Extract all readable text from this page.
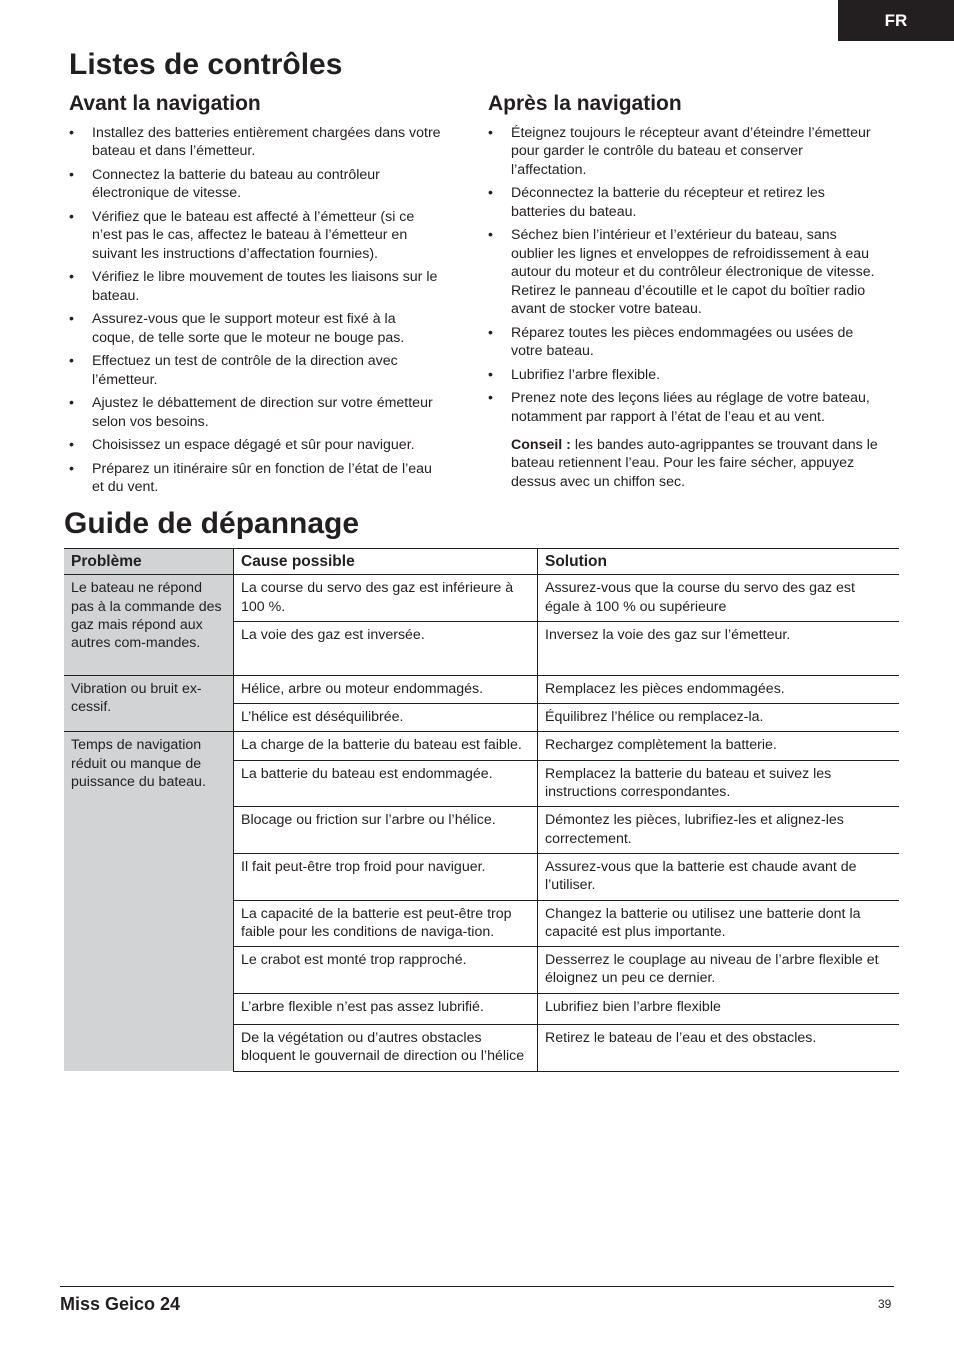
FR
Listes de contrôles
Avant la navigation
• Installez des batteries entièrement chargées dans votre bateau et dans l’émetteur.
• Connectez la batterie du bateau au contrôleur électronique de vitesse.
• Vérifiez que le bateau est affecté à l’émetteur (si ce n’est pas le cas, affectez le bateau à l’émetteur en suivant les instructions d’affectation fournies).
• Vérifiez le libre mouvement de toutes les liaisons sur le bateau.
• Assurez-vous que le support moteur est fixé à la coque, de telle sorte que le moteur ne bouge pas.
• Effectuez un test de contrôle de la direction avec l’émetteur.
• Ajustez le débattement de direction sur votre émetteur selon vos besoins.
• Choisissez un espace dégagé et sûr pour naviguer.
• Préparez un itinéraire sûr en fonction de l’état de l’eau et du vent.
Après la navigation
• Éteignez toujours le récepteur avant d’éteindre l’émetteur pour garder le contrôle du bateau et conserver l’affectation.
• Déconnectez la batterie du récepteur et retirez les batteries du bateau.
• Séchez bien l’intérieur et l’extérieur du bateau, sans oublier les lignes et enveloppes de refroidissement à eau autour du moteur et du contrôleur électronique de vitesse. Retirez le panneau d’écoutille et le capot du boîtier radio avant de stocker votre bateau.
• Réparez toutes les pièces endommagées ou usées de votre bateau.
• Lubrifiez l’arbre flexible.
• Prenez note des leçons liées au réglage de votre bateau, notamment par rapport à l’état de l’eau et au vent.

Conseil : les bandes auto-agrippantes se trouvant dans le bateau retiennent l’eau. Pour les faire sécher, appuyez dessus avec un chiffon sec.

Guide de dépannage
Problème	Cause possible	Solution
Le bateau ne répond pas à la commande des gaz mais répond aux autres com-mandes.	La course du servo des gaz est inférieure à 100 %.	Assurez-vous que la course du servo des gaz est égale à 100 % ou supérieure
	La voie des gaz est inversée.	Inversez la voie des gaz sur l’émetteur.
Vibration ou bruit ex-cessif.	Hélice, arbre ou moteur endommagés.	Remplacez les pièces endommagées.
	L’hélice est déséquilibrée.	Équilibrez l’hélice ou remplacez-la.
Temps de navigation réduit ou manque de puissance du bateau.	La charge de la batterie du bateau est faible.	Rechargez complètement la batterie.
	La batterie du bateau est endommagée.	Remplacez la batterie du bateau et suivez les instructions correspondantes.
	Blocage ou friction sur l’arbre ou l’hélice.	Démontez les pièces, lubrifiez-les et alignez-les correctement.
	Il fait peut-être trop froid pour naviguer.	Assurez-vous que la batterie est chaude avant de l’utiliser.
	La capacité de la batterie est peut-être trop faible pour les conditions de naviga-tion.	Changez la batterie ou utilisez une batterie dont la capacité est plus importante.
	Le crabot est monté trop rapproché.	Desserrez le couplage au niveau de l’arbre flexible et éloignez un peu ce dernier.
	L’arbre flexible n’est pas assez lubrifié.	Lubrifiez bien l’arbre flexible
	De la végétation ou d’autres obstacles bloquent le gouvernail de direction ou l’hélice	Retirez le bateau de l’eau et des obstacles.
Miss Geico 24	39
